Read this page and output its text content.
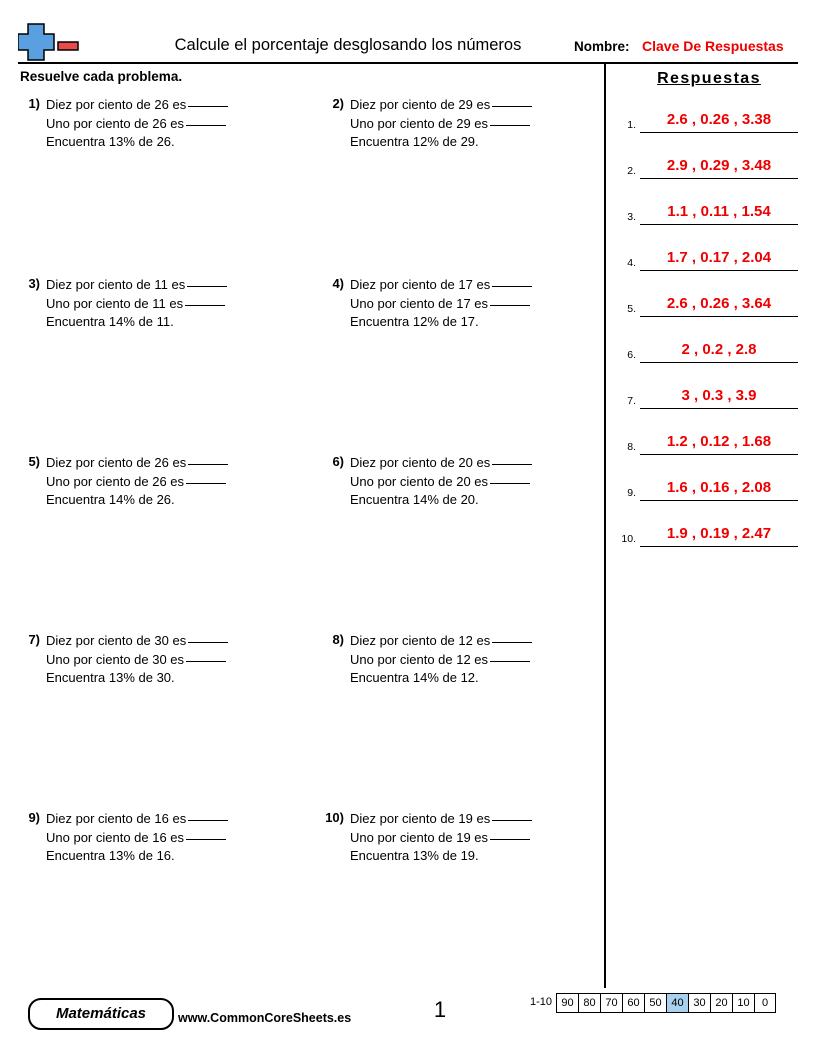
Calcule el porcentaje desglosando los números	Nombre: Clave De Respuestas
Resuelve cada problema.
1) Diez por ciento de 26 es
Uno por ciento de 26 es
Encuentra 13% de 26.
2) Diez por ciento de 29 es
Uno por ciento de 29 es
Encuentra 12% de 29.
3) Diez por ciento de 11 es
Uno por ciento de 11 es
Encuentra 14% de 11.
4) Diez por ciento de 17 es
Uno por ciento de 17 es
Encuentra 12% de 17.
5) Diez por ciento de 26 es
Uno por ciento de 26 es
Encuentra 14% de 26.
6) Diez por ciento de 20 es
Uno por ciento de 20 es
Encuentra 14% de 20.
7) Diez por ciento de 30 es
Uno por ciento de 30 es
Encuentra 13% de 30.
8) Diez por ciento de 12 es
Uno por ciento de 12 es
Encuentra 14% de 12.
9) Diez por ciento de 16 es
Uno por ciento de 16 es
Encuentra 13% de 16.
10) Diez por ciento de 19 es
Uno por ciento de 19 es
Encuentra 13% de 19.
Respuestas
1.	2.6 , 0.26 , 3.38
2.	2.9 , 0.29 , 3.48
3.	1.1 , 0.11 , 1.54
4.	1.7 , 0.17 , 2.04
5.	2.6 , 0.26 , 3.64
6.	2 , 0.2 , 2.8
7.	3 , 0.3 , 3.9
8.	1.2 , 0.12 , 1.68
9.	1.6 , 0.16 , 2.08
10.	1.9 , 0.19 , 2.47
Matemáticas	www.CommonCoreSheets.es	1	1-10 90 80 70 60 50 40 30 20 10	0
